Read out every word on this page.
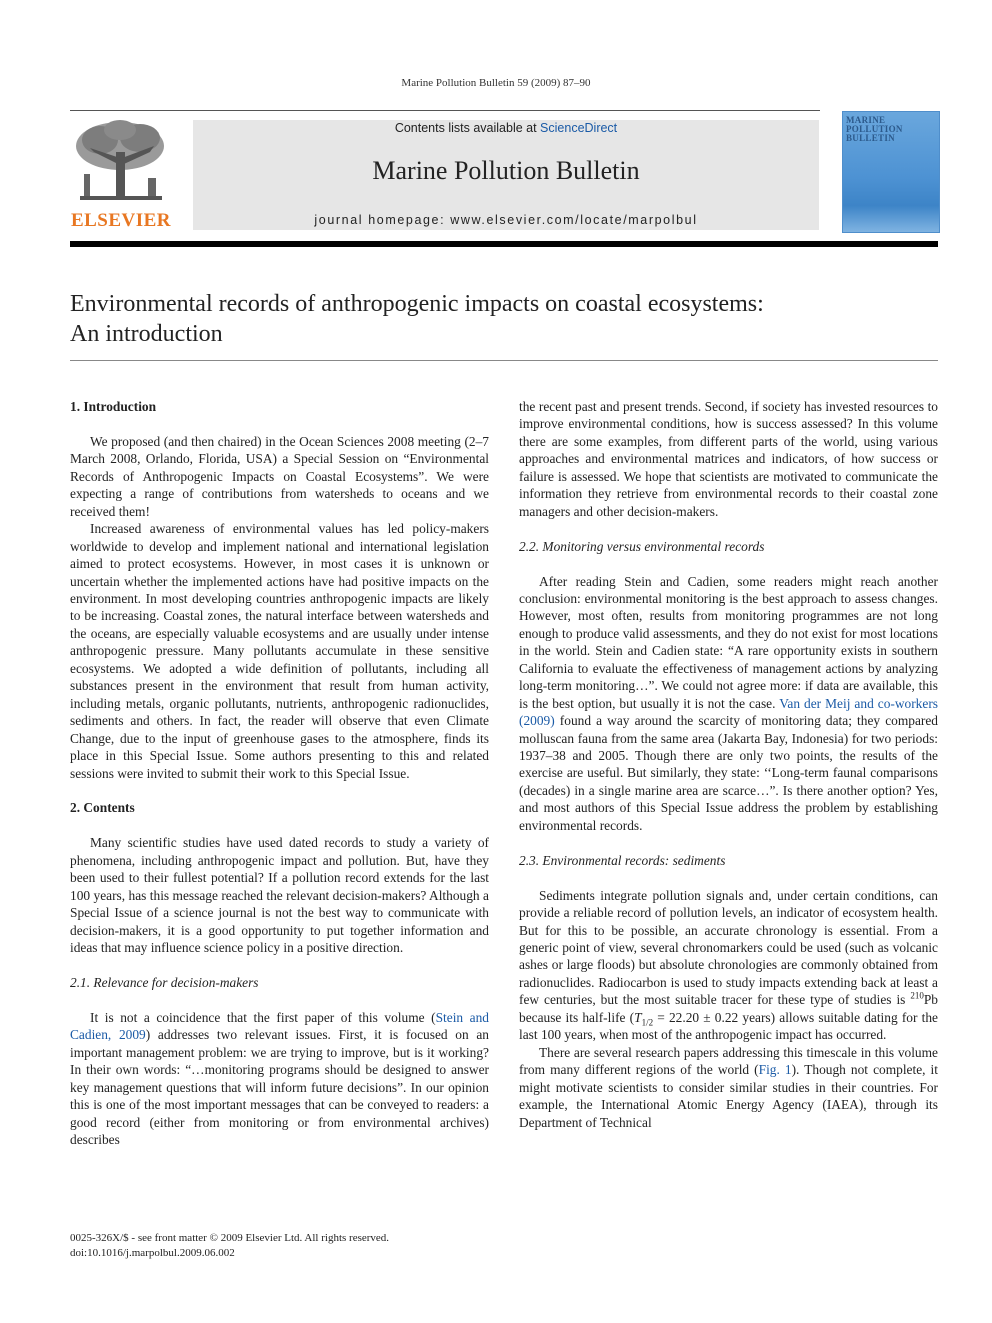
Marine Pollution Bulletin 59 (2009) 87–90
ELSEVIER
Contents lists available at ScienceDirect
Marine Pollution Bulletin
journal homepage: www.elsevier.com/locate/marpolbul
MARINE
POLLUTION
BULLETIN
Environmental records of anthropogenic impacts on coastal ecosystems:
An introduction

1. Introduction

We proposed (and then chaired) in the Ocean Sciences 2008 meeting (2–7 March 2008, Orlando, Florida, USA) a Special Session on “Environmental Records of Anthropogenic Impacts on Coastal Ecosystems”. We were expecting a range of contributions from watersheds to oceans and we received them!

Increased awareness of environmental values has led policy-makers worldwide to develop and implement national and international legislation aimed to protect ecosystems. However, in most cases it is unknown or uncertain whether the implemented actions have had positive impacts on the environment. In most developing countries anthropogenic impacts are likely to be increasing. Coastal zones, the natural interface between watersheds and the oceans, are especially valuable ecosystems and are usually under intense anthropogenic pressure. Many pollutants accumulate in these sensitive ecosystems. We adopted a wide definition of pollutants, including all substances present in the environment that result from human activity, including metals, organic pollutants, nutrients, anthropogenic radionuclides, sediments and others. In fact, the reader will observe that even Climate Change, due to the input of greenhouse gases to the atmosphere, finds its place in this Special Issue. Some authors presenting to this and related sessions were invited to submit their work to this Special Issue.

2. Contents

Many scientific studies have used dated records to study a variety of phenomena, including anthropogenic impact and pollution. But, have they been used to their fullest potential? If a pollution record extends for the last 100 years, has this message reached the relevant decision-makers? Although a Special Issue of a science journal is not the best way to communicate with decision-makers, it is a good opportunity to put together information and ideas that may influence science policy in a positive direction.

2.1. Relevance for decision-makers

It is not a coincidence that the first paper of this volume (Stein and Cadien, 2009) addresses two relevant issues. First, it is focused on an important management problem: we are trying to improve, but is it working? In their own words: “…monitoring programs should be designed to answer key management questions that will inform future decisions”. In our opinion this is one of the most important messages that can be conveyed to readers: a good record (either from monitoring or from environmental archives) describes

the recent past and present trends. Second, if society has invested resources to improve environmental conditions, how is success assessed? In this volume there are some examples, from different parts of the world, using various approaches and environmental matrices and indicators, of how success or failure is assessed. We hope that scientists are motivated to communicate the information they retrieve from environmental records to their coastal zone managers and other decision-makers.

2.2. Monitoring versus environmental records

After reading Stein and Cadien, some readers might reach another conclusion: environmental monitoring is the best approach to assess changes. However, most often, results from monitoring programmes are not long enough to produce valid assessments, and they do not exist for most locations in the world. Stein and Cadien state: “A rare opportunity exists in southern California to evaluate the effectiveness of management actions by analyzing long-term monitoring…”. We could not agree more: if data are available, this is the best option, but usually it is not the case. Van der Meij and co-workers (2009) found a way around the scarcity of monitoring data; they compared molluscan fauna from the same area (Jakarta Bay, Indonesia) for two periods: 1937–38 and 2005. Though there are only two points, the results of the exercise are useful. But similarly, they state: ‘‘Long-term faunal comparisons (decades) in a single marine area are scarce…”. Is there another option? Yes, and most authors of this Special Issue address the problem by establishing environmental records.

2.3. Environmental records: sediments

Sediments integrate pollution signals and, under certain conditions, can provide a reliable record of pollution levels, an indicator of ecosystem health. But for this to be possible, an accurate chronology is essential. From a generic point of view, several chronomarkers could be used (such as volcanic ashes or large floods) but absolute chronologies are commonly obtained from radionuclides. Radiocarbon is used to study impacts extending back at least a few centuries, but the most suitable tracer for these type of studies is $^{210}$Pb because its half-life ($T_{1/2} = 22.20 \pm 0.22$ years) allows suitable dating for the last 100 years, when most of the anthropogenic impact has occurred.

There are several research papers addressing this timescale in this volume from many different regions of the world (Fig. 1). Though not complete, it might motivate scientists to consider similar studies in their countries. For example, the International Atomic Energy Agency (IAEA), through its Department of Technical

0025-326X/$ - see front matter © 2009 Elsevier Ltd. All rights reserved.
doi:10.1016/j.marpolbul.2009.06.002
